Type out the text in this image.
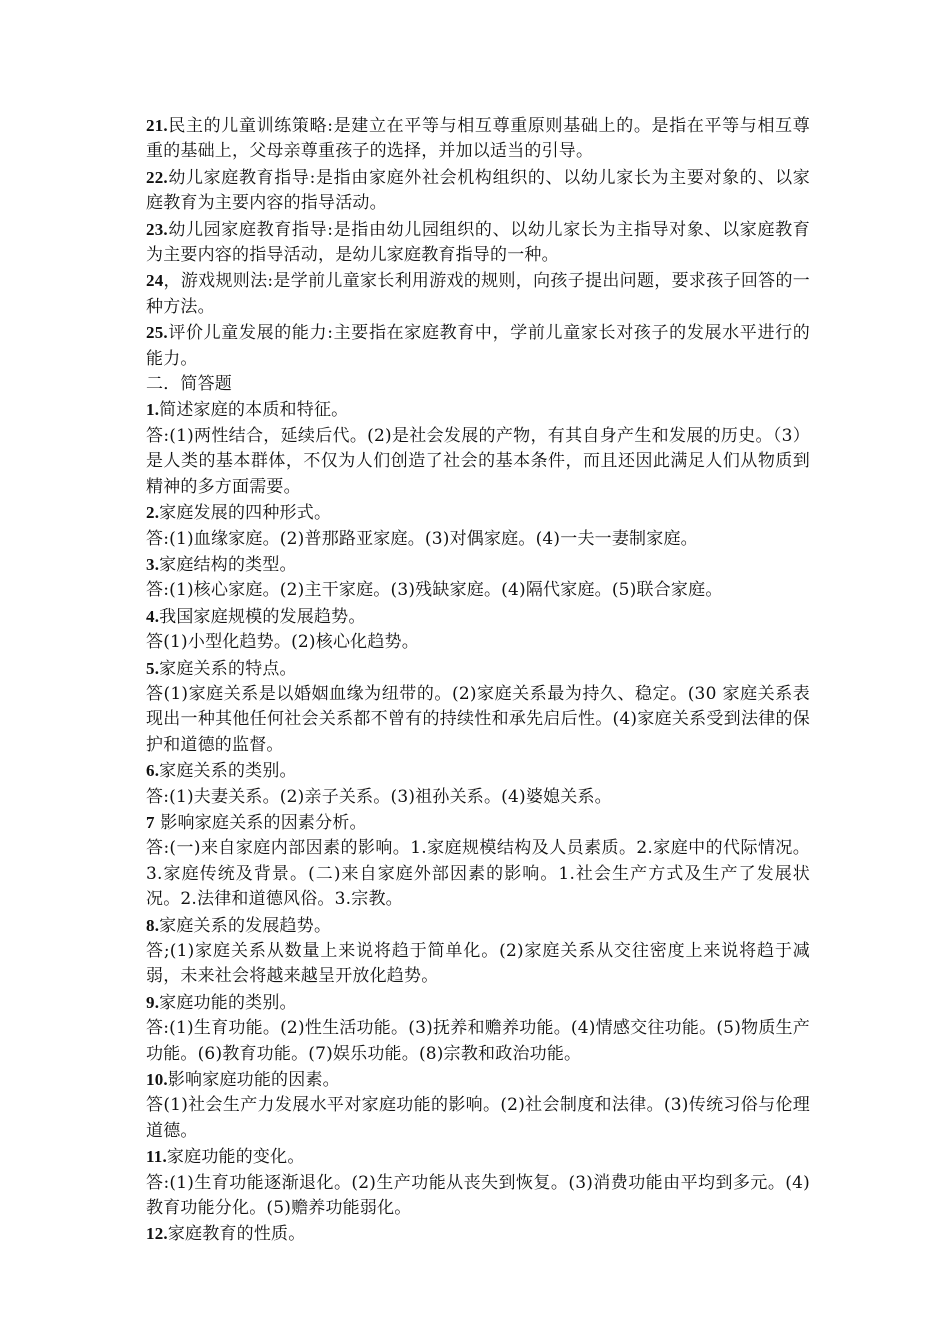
21.民主的儿童训练策略:是建立在平等与相互尊重原则基础上的。是指在平等与相互尊重的基础上，父母亲尊重孩子的选择，并加以适当的引导。

22.幼儿家庭教育指导:是指由家庭外社会机构组织的、以幼儿家长为主要对象的、以家庭教育为主要内容的指导活动。

23.幼儿园家庭教育指导:是指由幼儿园组织的、以幼儿家长为主指导对象、以家庭教育为主要内容的指导活动，是幼儿家庭教育指导的一种。

24，游戏规则法:是学前儿童家长利用游戏的规则，向孩子提出问题，要求孩子回答的一种方法。

25.评价儿童发展的能力:主要指在家庭教育中，学前儿童家长对孩子的发展水平进行的能力。

二．简答题

1.简述家庭的本质和特征。

答:(1)两性结合，延续后代。(2)是社会发展的产物，有其自身产生和发展的历史。（3）是人类的基本群体，不仅为人们创造了社会的基本条件，而且还因此满足人们从物质到精神的多方面需要。

2.家庭发展的四种形式。

答:(1)血缘家庭。(2)普那路亚家庭。(3)对偶家庭。(4)一夫一妻制家庭。

3.家庭结构的类型。

答:(1)核心家庭。(2)主干家庭。(3)残缺家庭。(4)隔代家庭。(5)联合家庭。

4.我国家庭规模的发展趋势。

答(1)小型化趋势。(2)核心化趋势。

5.家庭关系的特点。

答(1)家庭关系是以婚姻血缘为纽带的。(2)家庭关系最为持久、稳定。(30 家庭关系表现出一种其他任何社会关系都不曾有的持续性和承先启后性。(4)家庭关系受到法律的保护和道德的监督。

6.家庭关系的类别。

答:(1)夫妻关系。(2)亲子关系。(3)祖孙关系。(4)婆媳关系。

7 影响家庭关系的因素分析。

答:(一)来自家庭内部因素的影响。1.家庭规模结构及人员素质。2.家庭中的代际情况。3.家庭传统及背景。(二)来自家庭外部因素的影响。1.社会生产方式及生产了发展状况。2.法律和道德风俗。3.宗教。

8.家庭关系的发展趋势。

答;(1)家庭关系从数量上来说将趋于简单化。(2)家庭关系从交往密度上来说将趋于减弱，未来社会将越来越呈开放化趋势。

9.家庭功能的类别。

答:(1)生育功能。(2)性生活功能。(3)抚养和赡养功能。(4)情感交往功能。(5)物质生产功能。(6)教育功能。(7)娱乐功能。(8)宗教和政治功能。

10.影响家庭功能的因素。

答(1)社会生产力发展水平对家庭功能的影响。(2)社会制度和法律。(3)传统习俗与伦理道德。

11.家庭功能的变化。

答:(1)生育功能逐渐退化。(2)生产功能从丧失到恢复。(3)消费功能由平均到多元。(4)教育功能分化。(5)赡养功能弱化。

12.家庭教育的性质。
